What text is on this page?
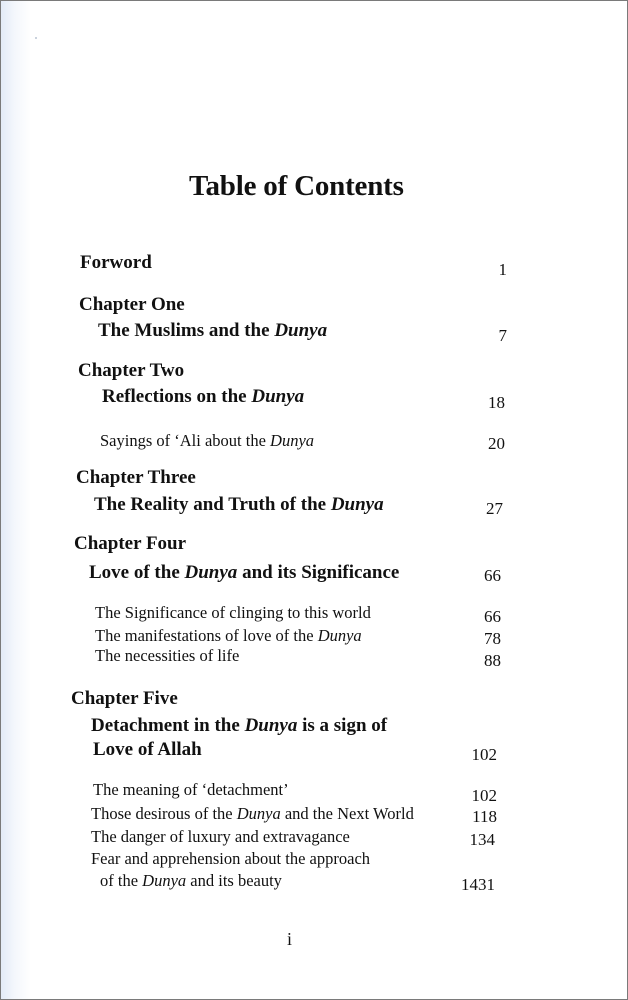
Table of Contents
Forword	1
Chapter One
The Muslims and the Dunya	7
Chapter Two
Reflections on the Dunya	18
Sayings of ‘Ali about the Dunya	20
Chapter Three
The Reality and Truth of the Dunya	27
Chapter Four
Love of the Dunya and its Significance	66
The Significance of clinging to this world	66
The manifestations of love of the Dunya	78
The necessities of life	88
Chapter Five
Detachment in the Dunya is a sign of
Love of Allah	102
The meaning of ‘detachment’	102
Those desirous of the Dunya and the Next World	118
The danger of luxury and extravagance	134
Fear and apprehension about the approach
of the Dunya and its beauty	1431
i
